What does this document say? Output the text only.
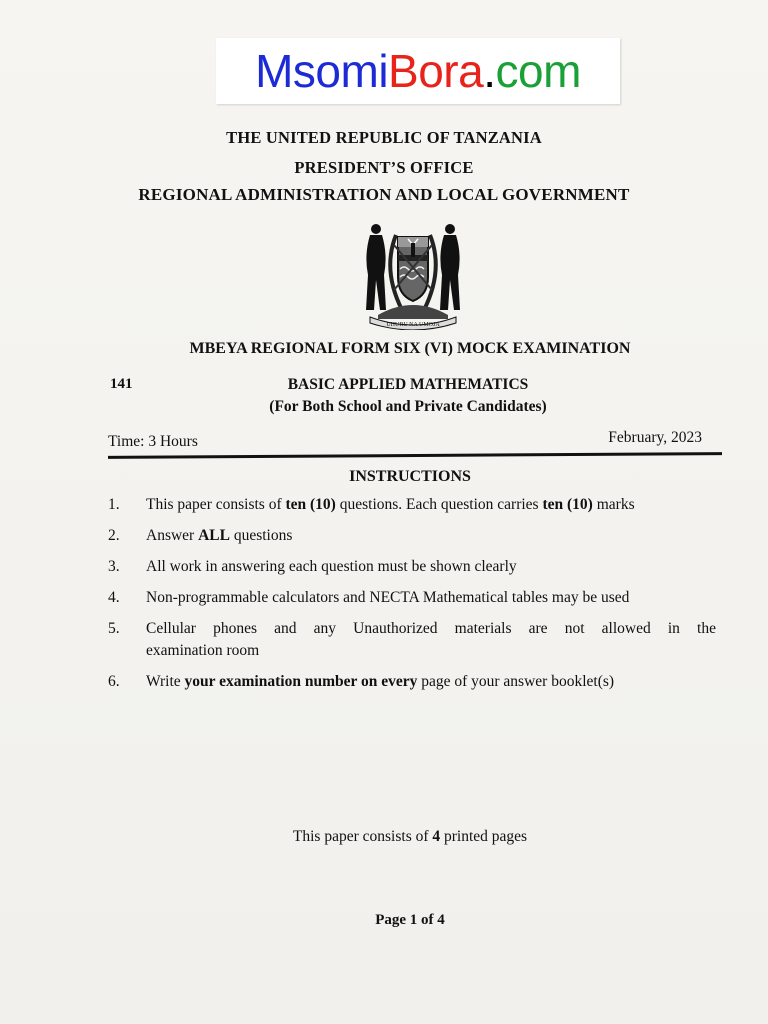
Msomi Bora . com
THE UNITED REPUBLIC OF TANZANIA
PRESIDENT’S OFFICE
REGIONAL ADMINISTRATION AND LOCAL GOVERNMENT
UHURU NA UMOJA
MBEYA REGIONAL FORM SIX (VI) MOCK EXAMINATION
141	BASIC APPLIED MATHEMATICS
(For Both School and Private Candidates)
Time: 3 Hours	February, 2023
INSTRUCTIONS
1.	This paper consists of ten (10) questions. Each question carries ten (10) marks
2.	Answer ALL questions
3.	All work in answering each question must be shown clearly
4.	Non-programmable calculators and NECTA Mathematical tables may be used
5.	Cellular phones and any Unauthorized materials are not allowed in the
examination room
6.	Write your examination number on every page of your answer booklet(s)
This paper consists of 4 printed pages
Page 1 of 4
